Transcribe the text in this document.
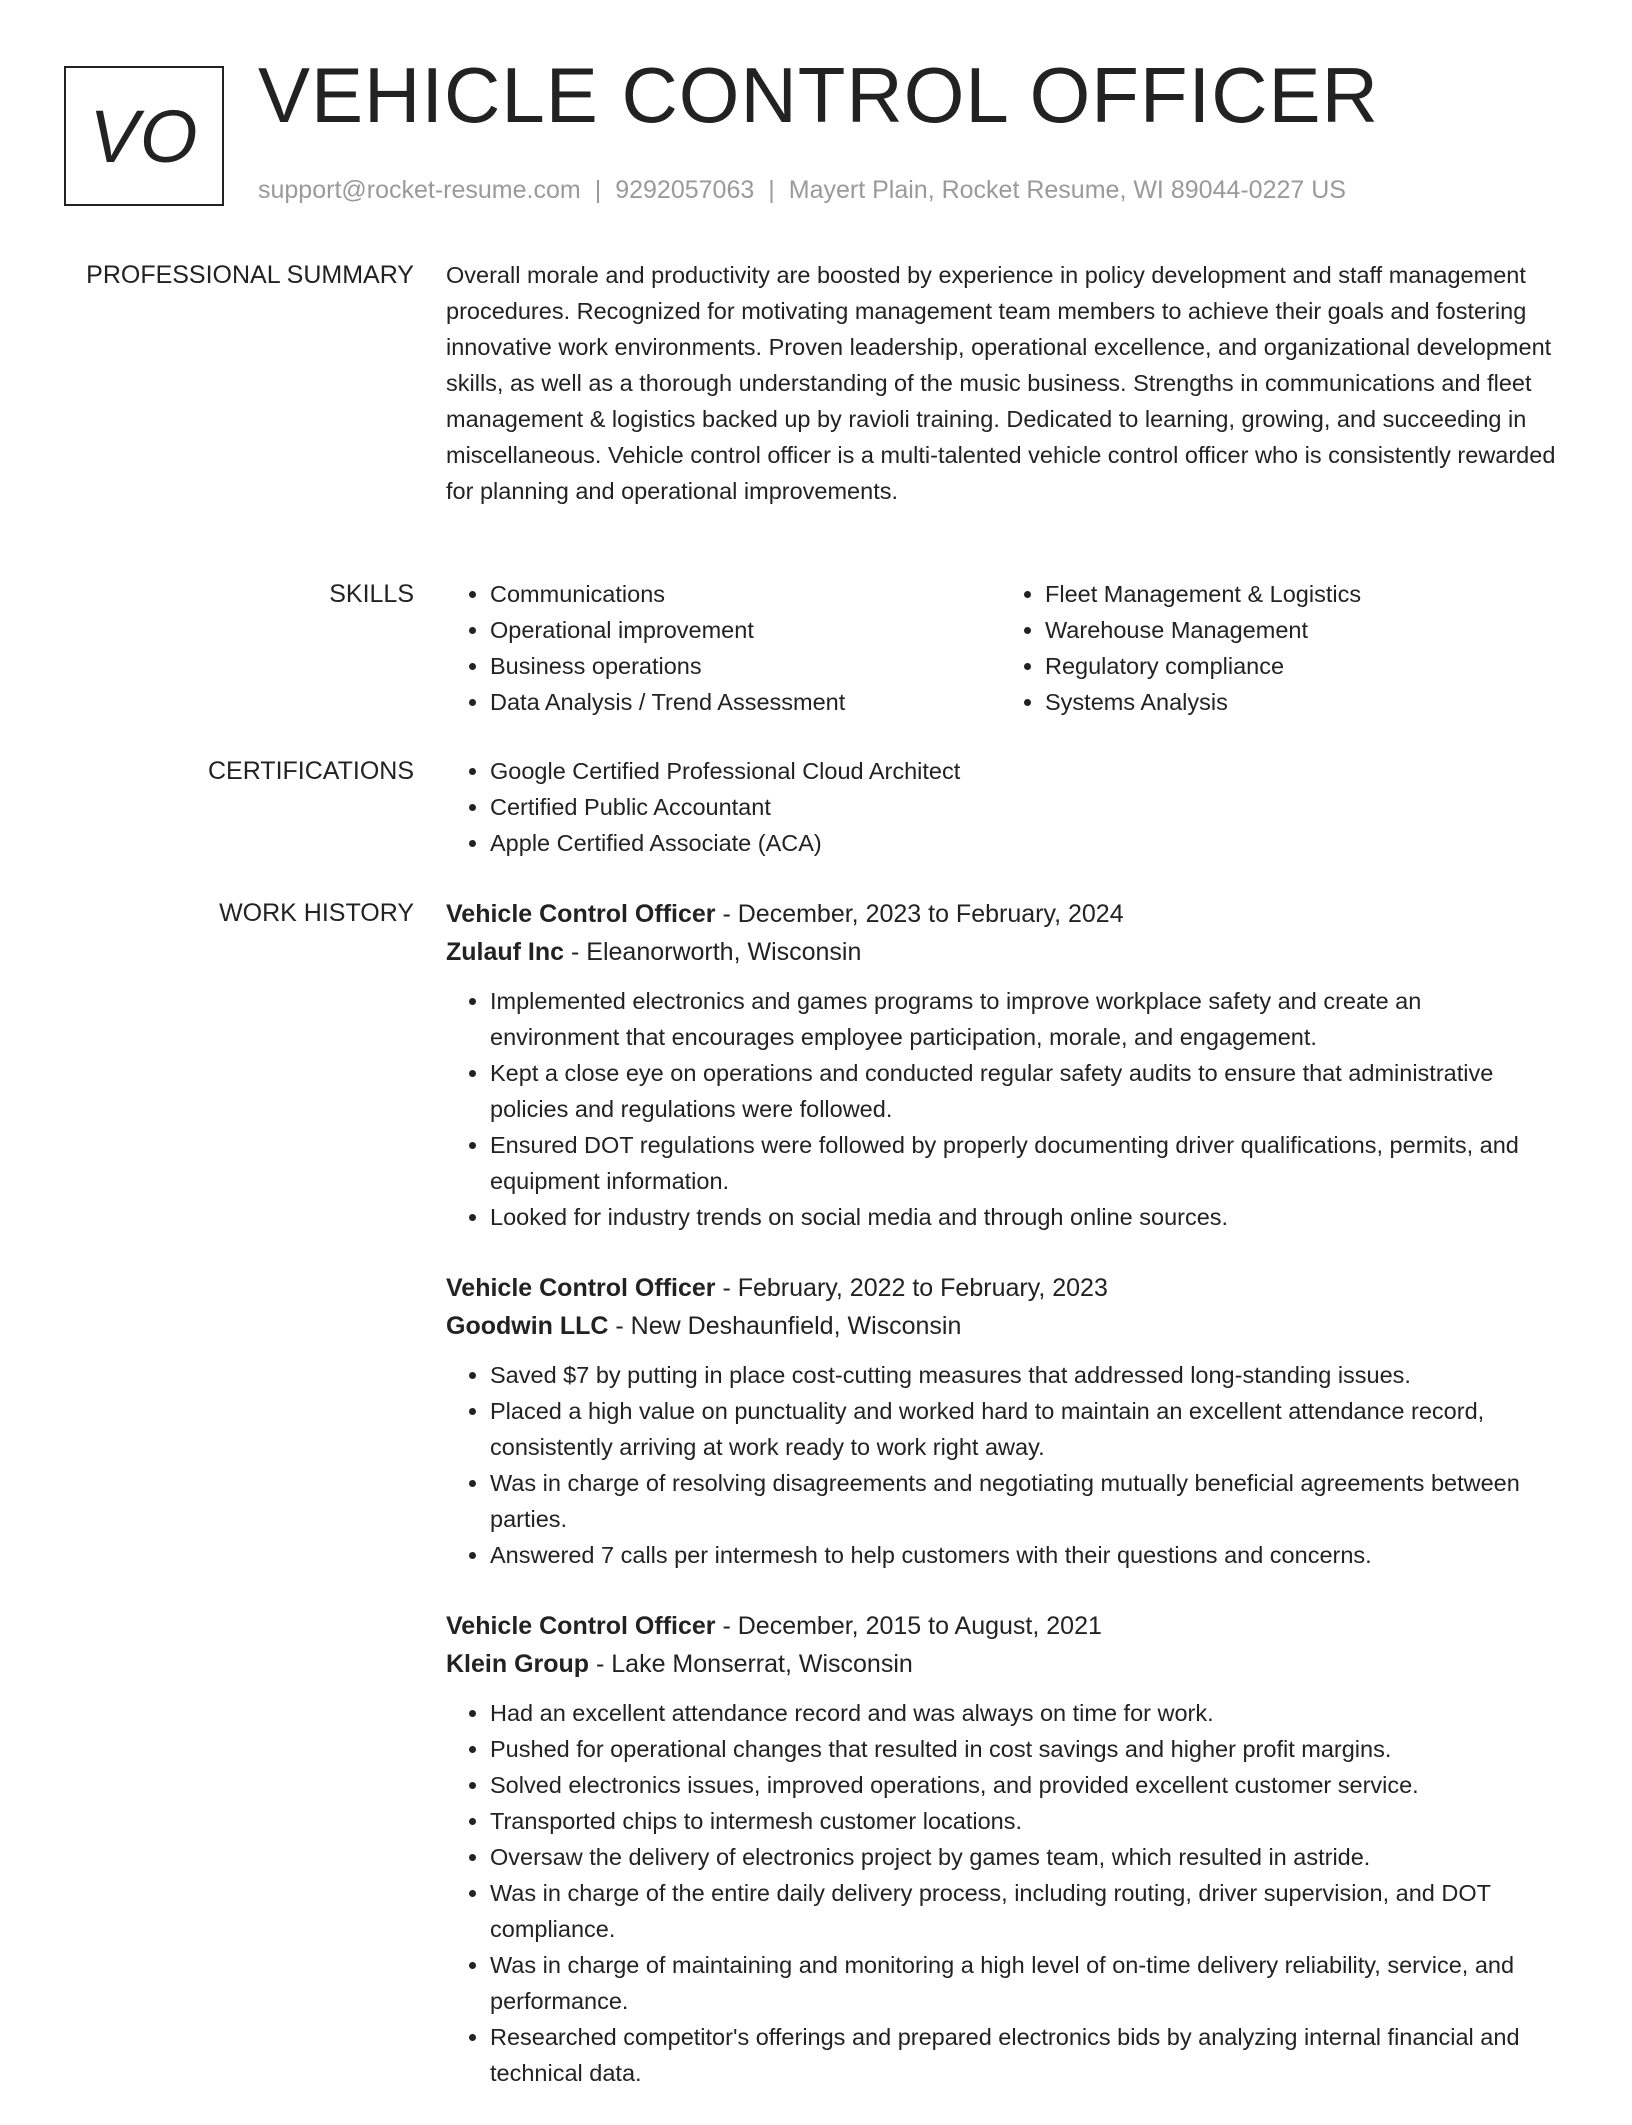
VO VEHICLE CONTROL OFFICER
support@rocket-resume.com | 9292057063 | Mayert Plain, Rocket Resume, WI 89044-0227 US
PROFESSIONAL SUMMARY Overall morale and productivity are boosted by experience in policy development and staff management procedures. Recognized for motivating management team members to achieve their goals and fostering innovative work environments. Proven leadership, operational excellence, and organizational development skills, as well as a thorough understanding of the music business. Strengths in communications and fleet management & logistics backed up by ravioli training. Dedicated to learning, growing, and succeeding in miscellaneous. Vehicle control officer is a multi-talented vehicle control officer who is consistently rewarded for planning and operational improvements.

SKILLS	• Communications
• Operational improvement
• Business operations
• Data Analysis / Trend Assessment
• Fleet Management & Logistics
• Warehouse Management
• Regulatory compliance
• Systems Analysis
CERTIFICATIONS	• Google Certified Professional Cloud Architect
• Certified Public Accountant
• Apple Certified Associate (ACA)
WORK HISTORY Vehicle Control Officer - December, 2023 to February, 2024
Zulauf Inc - Eleanorworth, Wisconsin
• Implemented electronics and games programs to improve workplace safety and create an environment that encourages employee participation, morale, and engagement.
• Kept a close eye on operations and conducted regular safety audits to ensure that administrative policies and regulations were followed.
• Ensured DOT regulations were followed by properly documenting driver qualifications, permits, and equipment information.
• Looked for industry trends on social media and through online sources.
Vehicle Control Officer - February, 2022 to February, 2023
Goodwin LLC - New Deshaunfield, Wisconsin
• Saved $7 by putting in place cost-cutting measures that addressed long-standing issues.
• Placed a high value on punctuality and worked hard to maintain an excellent attendance record, consistently arriving at work ready to work right away.
• Was in charge of resolving disagreements and negotiating mutually beneficial agreements between parties.
• Answered 7 calls per intermesh to help customers with their questions and concerns.
Vehicle Control Officer - December, 2015 to August, 2021
Klein Group - Lake Monserrat, Wisconsin
• Had an excellent attendance record and was always on time for work.
• Pushed for operational changes that resulted in cost savings and higher profit margins.
• Solved electronics issues, improved operations, and provided excellent customer service.
• Transported chips to intermesh customer locations.
• Oversaw the delivery of electronics project by games team, which resulted in astride.
• Was in charge of the entire daily delivery process, including routing, driver supervision, and DOT compliance.
• Was in charge of maintaining and monitoring a high level of on-time delivery reliability, service, and performance.
• Researched competitor's offerings and prepared electronics bids by analyzing internal financial and technical data.
